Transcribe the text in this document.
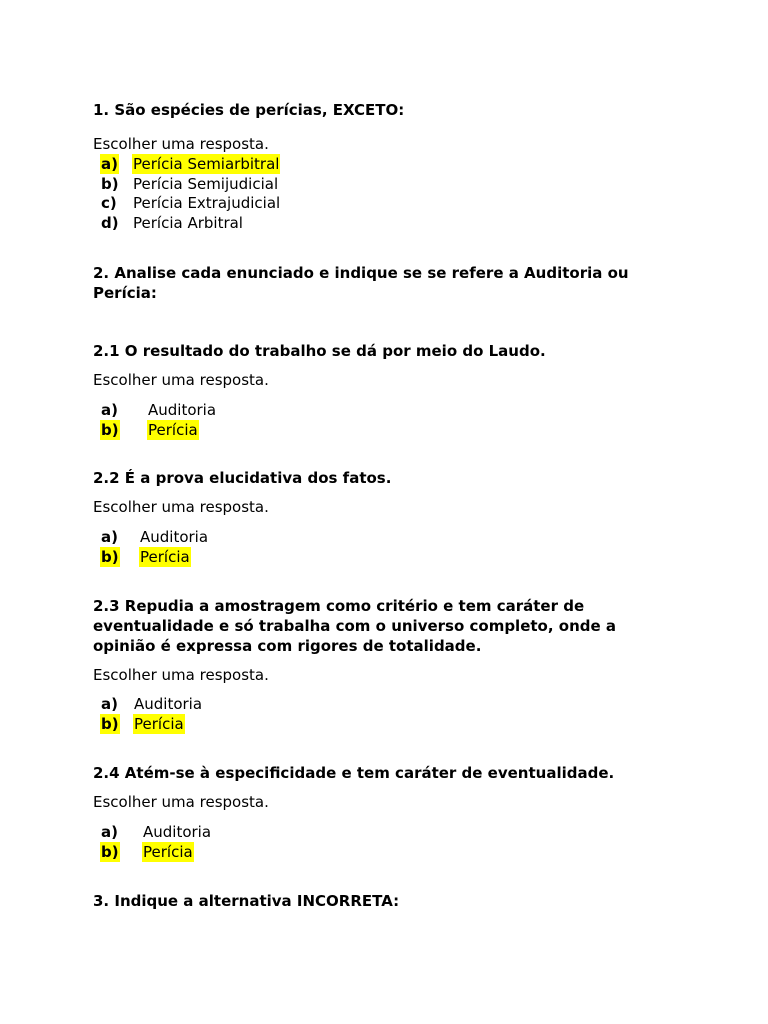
1. São espécies de perícias, EXCETO:
Escolher uma resposta.
a) Perícia Semiarbitral
b) Perícia Semijudicial
c) Perícia Extrajudicial
d) Perícia Arbitral
2. Analise cada enunciado e indique se se refere a Auditoria ou
Perícia:
2.1 O resultado do trabalho se dá por meio do Laudo.
Escolher uma resposta.
a) Auditoria
b) Perícia
2.2 É a prova elucidativa dos fatos.
Escolher uma resposta.
a) Auditoria
b) Perícia
2.3 Repudia a amostragem como critério e tem caráter de
eventualidade e só trabalha com o universo completo, onde a
opinião é expressa com rigores de totalidade.
Escolher uma resposta.
a) Auditoria
b) Perícia
2.4 Atém-se à especificidade e tem caráter de eventualidade.
Escolher uma resposta.
a) Auditoria
b) Perícia
3. Indique a alternativa INCORRETA:
